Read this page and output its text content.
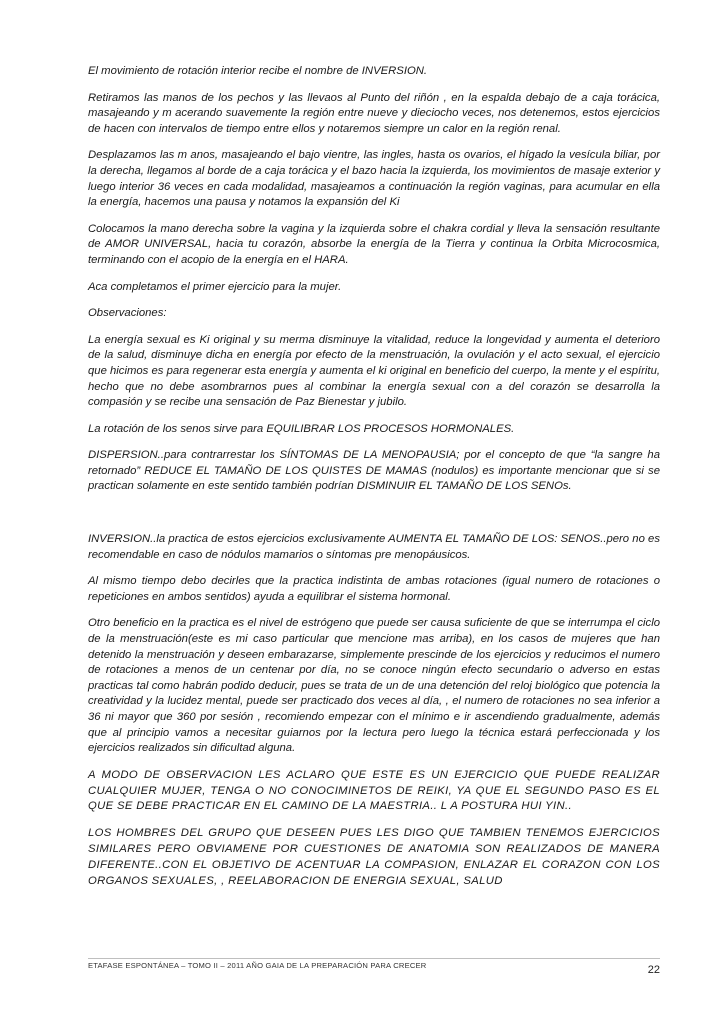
El movimiento de rotación interior recibe el nombre de INVERSION.

Retiramos las manos de los pechos y las llevaos al Punto del riñón , en la espalda debajo de a caja torácica, masajeando y m acerando suavemente la región entre nueve y dieciocho veces, nos detenemos, estos ejercicios de hacen con intervalos de tiempo entre ellos y notaremos siempre un calor en la región renal.

Desplazamos las m anos, masajeando el bajo vientre, las ingles, hasta os ovarios, el hígado la vesícula biliar, por la derecha, llegamos al borde de a caja torácica y el bazo hacia la izquierda, los movimientos de masaje exterior y luego interior 36 veces en cada modalidad, masajeamos a continuación la región vaginas, para acumular en ella la energía, hacemos una pausa y notamos la expansión del Ki

Colocamos la mano derecha sobre la vagina y la izquierda sobre el chakra cordial y lleva la sensación resultante de AMOR UNIVERSAL, hacia tu corazón, absorbe la energía de la Tierra y continua la Orbita Microcosmica, terminando con el acopio de la energía en el HARA.

Aca completamos el primer ejercicio para la mujer.

Observaciones:

La energía sexual es Ki original y su merma disminuye la vitalidad, reduce la longevidad y aumenta el deterioro de la salud, disminuye dicha en energía por efecto de la menstruación, la ovulación y el acto sexual, el ejercicio que hicimos es para regenerar esta energía y aumenta el ki original en beneficio del cuerpo, la mente y el espíritu, hecho que no debe asombrarnos pues al combinar la energía sexual con a del corazón se desarrolla la compasión y se recibe una sensación de Paz Bienestar y jubilo.

La rotación de los senos sirve para EQUILIBRAR LOS PROCESOS HORMONALES.

DISPERSION..para contrarrestar los SÍNTOMAS DE LA MENOPAUSIA; por el concepto de que “la sangre ha retornado” REDUCE EL TAMAÑO DE LOS QUISTES DE MAMAS (nodulos) es importante mencionar que si se practican solamente en este sentido también podrían DISMINUIR EL TAMAÑO DE LOS SENOs.

INVERSION..la practica de estos ejercicios exclusivamente AUMENTA EL TAMAÑO DE LOS: SENOS..pero no es recomendable en caso de nódulos mamarios o síntomas pre menopáusicos.

Al mismo tiempo debo decirles que la practica indistinta de ambas rotaciones (igual numero de rotaciones o repeticiones en ambos sentidos) ayuda a equilibrar el sistema hormonal.

Otro beneficio en la practica es el nivel de estrógeno que puede ser causa suficiente de que se interrumpa el ciclo de la menstruación(este es mi caso particular que mencione mas arriba), en los casos de mujeres que han detenido la menstruación y deseen embarazarse, simplemente prescinde de los ejercicios y reducimos el numero de rotaciones a menos de un centenar por día, no se conoce ningún efecto secundario o adverso en estas practicas tal como habrán podido deducir, pues se trata de un de una detención del reloj biológico que potencia la creatividad y la lucidez mental, puede ser practicado dos veces al día, , el numero de rotaciones no sea inferior a 36 ni mayor que 360 por sesión , recomiendo empezar con el mínimo e ir ascendiendo gradualmente, además que al principio vamos a necesitar guiarnos por la lectura pero luego la técnica estará perfeccionada y los ejercicios realizados sin dificultad alguna.

A MODO DE OBSERVACION LES ACLARO QUE ESTE ES UN EJERCICIO QUE PUEDE REALIZAR CUALQUIER MUJER, TENGA O NO CONOCIMINETOS DE REIKI, YA QUE EL SEGUNDO PASO ES EL QUE SE DEBE PRACTICAR EN EL CAMINO DE LA MAESTRIA.. L A POSTURA HUI YIN..

LOS HOMBRES DEL GRUPO QUE DESEEN PUES LES DIGO QUE TAMBIEN TENEMOS EJERCICIOS SIMILARES PERO OBVIAMENE POR CUESTIONES DE ANATOMIA SON REALIZADOS DE MANERA DIFERENTE..CON EL OBJETIVO DE ACENTUAR LA COMPASION, ENLAZAR EL CORAZON CON LOS ORGANOS SEXUALES, , REELABORACION DE ENERGIA SEXUAL, SALUD

ETAFASE ESPONTÁNEA – TOMO II – 2011 AÑO GAIA DE LA PREPARACIÓN PARA CRECER	22
